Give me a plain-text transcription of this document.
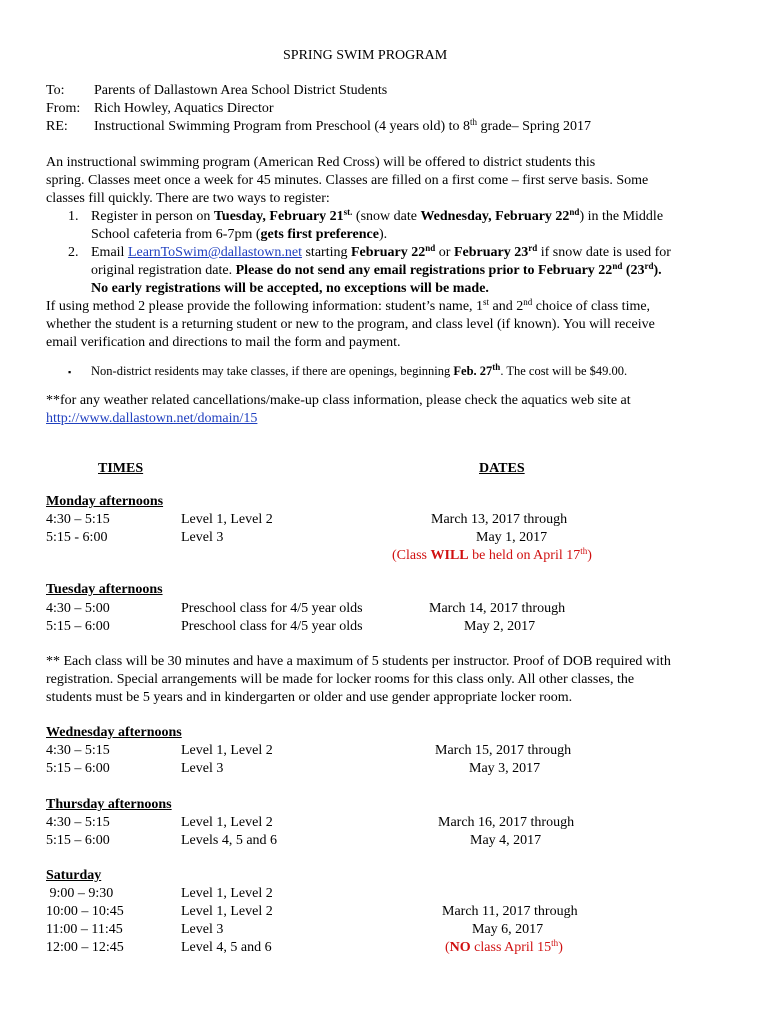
SPRING SWIM PROGRAM
To: Parents of Dallastown Area School District Students
From: Rich Howley, Aquatics Director
RE: Instructional Swimming Program from Preschool (4 years old) to 8th grade– Spring 2017
An instructional swimming program (American Red Cross) will be offered to district students this
spring. Classes meet once a week for 45 minutes. Classes are filled on a first come – first serve basis. Some
classes fill quickly. There are two ways to register:
1. Register in person on Tuesday, February $21^{st.}$ (snow date Wednesday, February 22nd) in the Middle
School cafeteria from 6-7pm (gets first preference).
2. Email LearnToSwim@dallastown.net starting February 22nd or February 23rd if snow date is used for
original registration date. Please do not send any email registrations prior to February 22nd (23rd).
No early registrations will be accepted, no exceptions will be made.
If using method 2 please provide the following information: student’s name, 1st and 2nd choice of class time,
whether the student is a returning student or new to the program, and class level (if known). You will receive
email verification and directions to mail the form and payment.
▪ Non-district residents may take classes, if there are openings, beginning Feb. 27th. The cost will be $49.00.
**for any weather related cancellations/make-up class information, please check the aquatics web site at
http://www.dallastown.net/domain/15
TIMES	DATES
Monday afternoons
4:30 – 5:15	Level 1, Level 2
5:15 - 6:00	Level 3
March 13, 2017 through
May 1, 2017
(Class WILL be held on April 17th)
Tuesday afternoons
4:30 – 5:00	Preschool class for 4/5 year olds
5:15 – 6:00	Preschool class for 4/5 year olds
March 14, 2017 through
May 2, 2017
** Each class will be 30 minutes and have a maximum of 5 students per instructor. Proof of DOB required with
registration. Special arrangements will be made for locker rooms for this class only. All other classes, the
students must be 5 years and in kindergarten or older and use gender appropriate locker room.
Wednesday afternoons
4:30 – 5:15	Level 1, Level 2
5:15 – 6:00	Level 3
March 15, 2017 through
May 3, 2017
Thursday afternoons
4:30 – 5:15	Level 1, Level 2
5:15 – 6:00	Levels 4, 5 and 6
March 16, 2017 through
May 4, 2017
Saturday
9:00 – 9:30	Level 1, Level 2
10:00 – 10:45	Level 1, Level 2
11:00 – 11:45	Level 3
12:00 – 12:45	Level 4, 5 and 6
March 11, 2017 through
May 6, 2017
(NO class April 15th)
